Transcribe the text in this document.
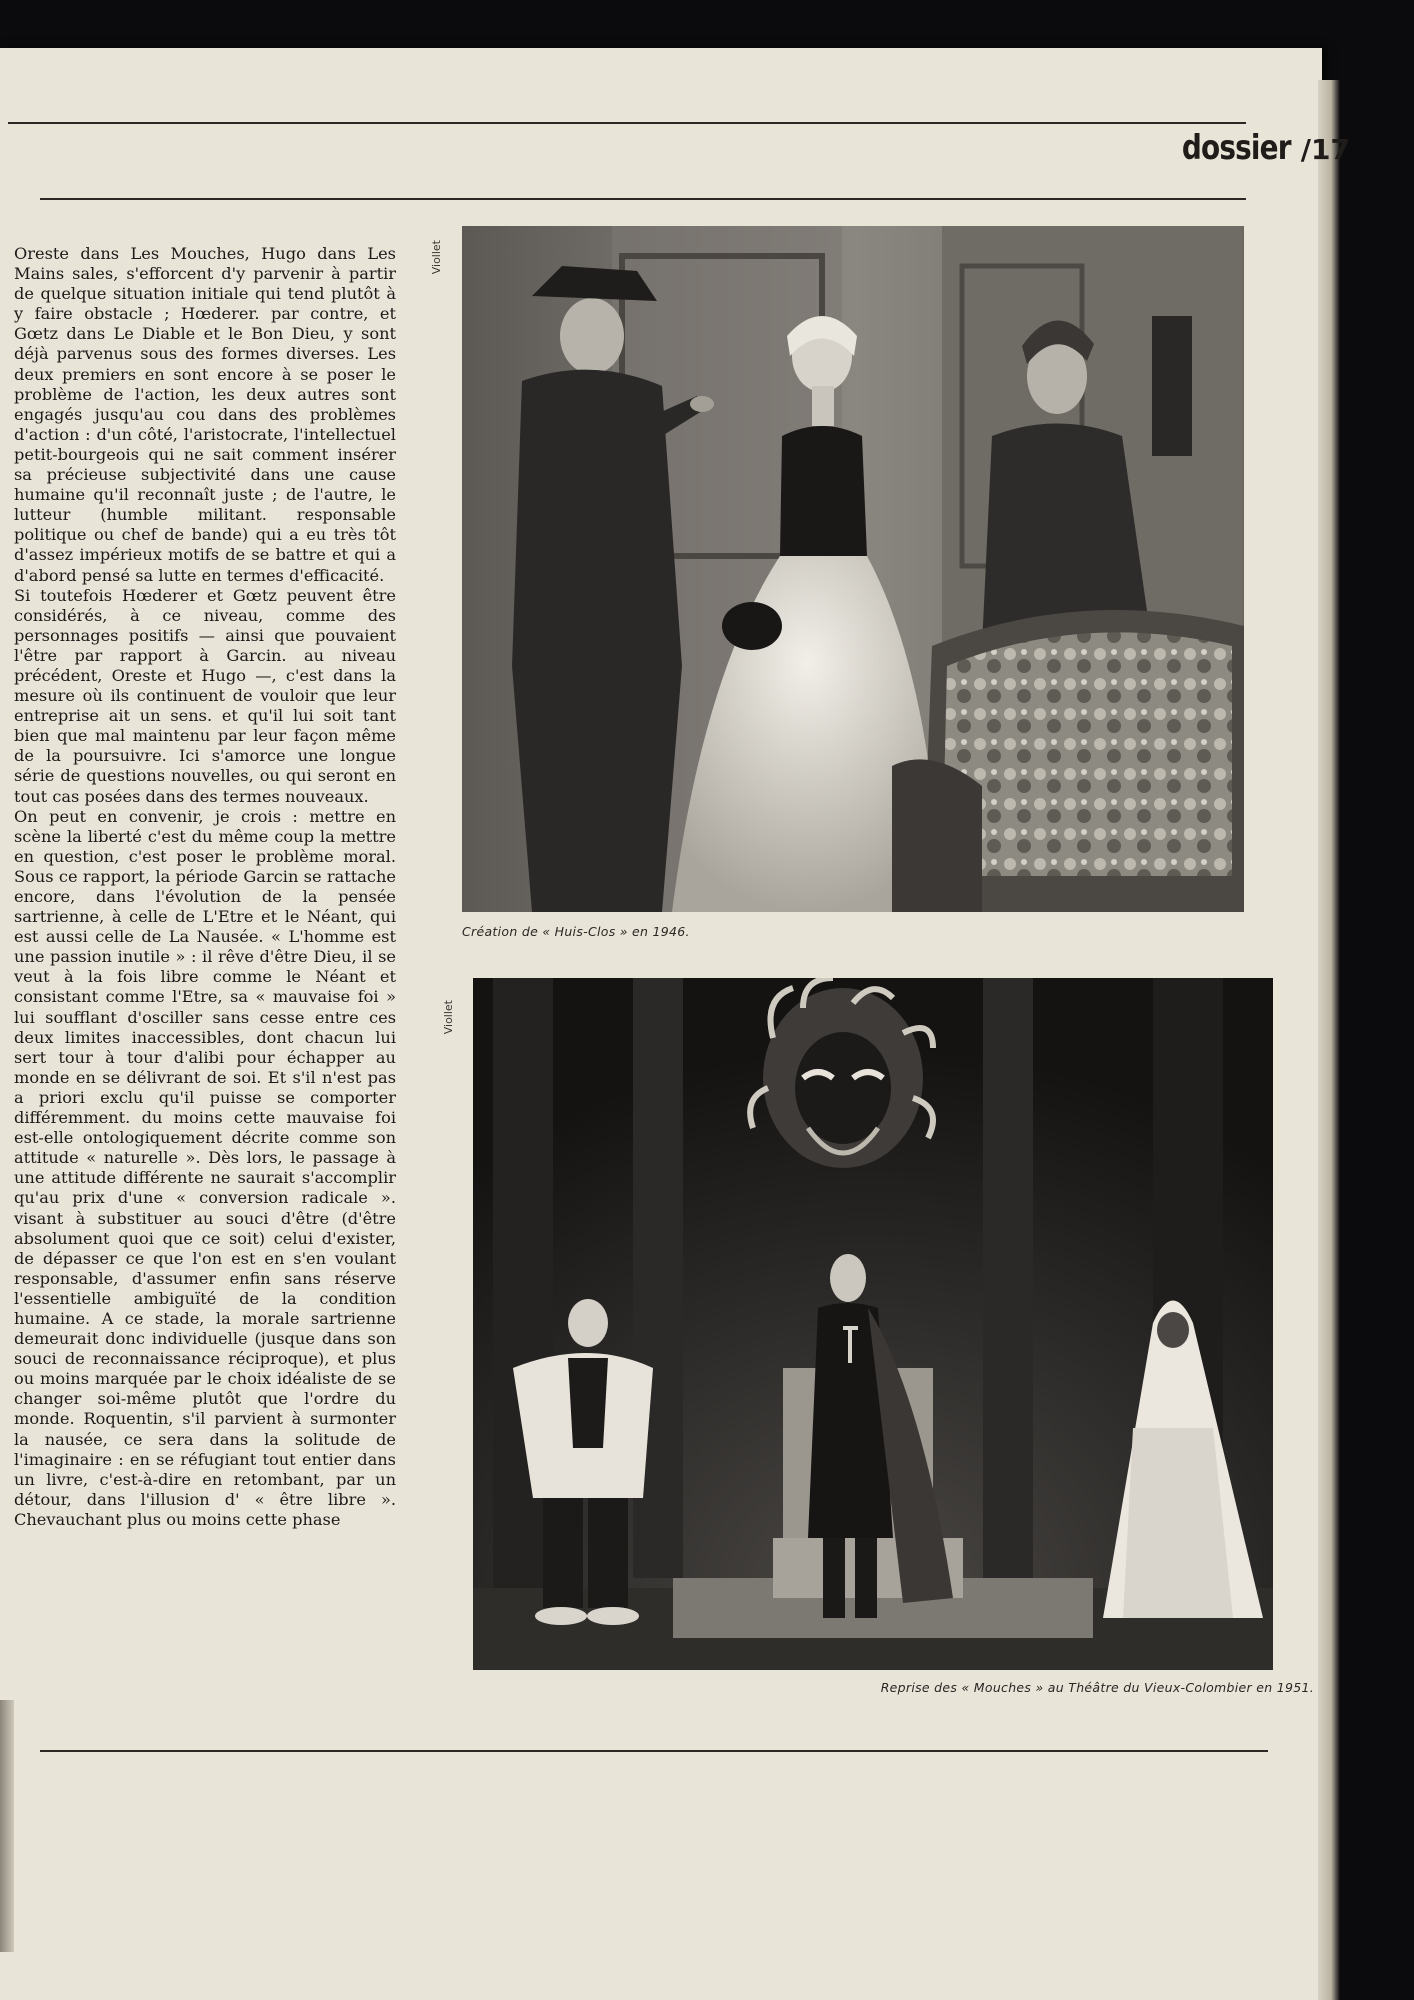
dossier /17

Oreste dans Les Mouches, Hugo dans Les Mains sales, s'efforcent d'y parvenir à partir de quelque situation initiale qui tend plutôt à y faire obstacle ; Hœderer. par contre, et Gœtz dans Le Diable et le Bon Dieu, y sont déjà parvenus sous des formes diverses. Les deux premiers en sont encore à se poser le problème de l'action, les deux autres sont engagés jusqu'au cou dans des problèmes d'action : d'un côté, l'aristocrate, l'intellectuel petit-bourgeois qui ne sait comment insérer sa précieuse subjectivité dans une cause humaine qu'il reconnaît juste ; de l'autre, le lutteur (humble militant. responsable politique ou chef de bande) qui a eu très tôt d'assez impérieux motifs de se battre et qui a d'abord pensé sa lutte en termes d'efficacité.

Si toutefois Hœderer et Gœtz peuvent être considérés, à ce niveau, comme des personnages positifs — ainsi que pouvaient l'être par rapport à Garcin. au niveau précédent, Oreste et Hugo —, c'est dans la mesure où ils continuent de vouloir que leur entreprise ait un sens. et qu'il lui soit tant bien que mal maintenu par leur façon même de la poursuivre. Ici s'amorce une longue série de questions nouvelles, ou qui seront en tout cas posées dans des termes nouveaux.

On peut en convenir, je crois : mettre en scène la liberté c'est du même coup la mettre en question, c'est poser le problème moral. Sous ce rapport, la période Garcin se rattache encore, dans l'évolution de la pensée sartrienne, à celle de L'Etre et le Néant, qui est aussi celle de La Nausée. « L'homme est une passion inutile » : il rêve d'être Dieu, il se veut à la fois libre comme le Néant et consistant comme l'Etre, sa « mauvaise foi » lui soufflant d'osciller sans cesse entre ces deux limites inaccessibles, dont chacun lui sert tour à tour d'alibi pour échapper au monde en se délivrant de soi. Et s'il n'est pas a priori exclu qu'il puisse se comporter différemment. du moins cette mauvaise foi est-elle ontologiquement décrite comme son attitude « naturelle ». Dès lors, le passage à une attitude différente ne saurait s'accomplir qu'au prix d'une « conversion radicale ». visant à substituer au souci d'être (d'être absolument quoi que ce soit) celui d'exister, de dépasser ce que l'on est en s'en voulant responsable, d'assumer enfin sans réserve l'essentielle ambiguïté de la condition humaine. A ce stade, la morale sartrienne demeurait donc individuelle (jusque dans son souci de reconnaissance réciproque), et plus ou moins marquée par le choix idéaliste de se changer soi-même plutôt que l'ordre du monde. Roquentin, s'il parvient à surmonter la nausée, ce sera dans la solitude de l'imaginaire : en se réfugiant tout entier dans un livre, c'est-à-dire en retombant, par un détour, dans l'illusion d' « être libre ». Chevauchant plus ou moins cette phase

Viollet
Viollet
Création de « Huis-Clos » en 1946.
Reprise des « Mouches » au Théâtre du Vieux-Colombier en 1951.
